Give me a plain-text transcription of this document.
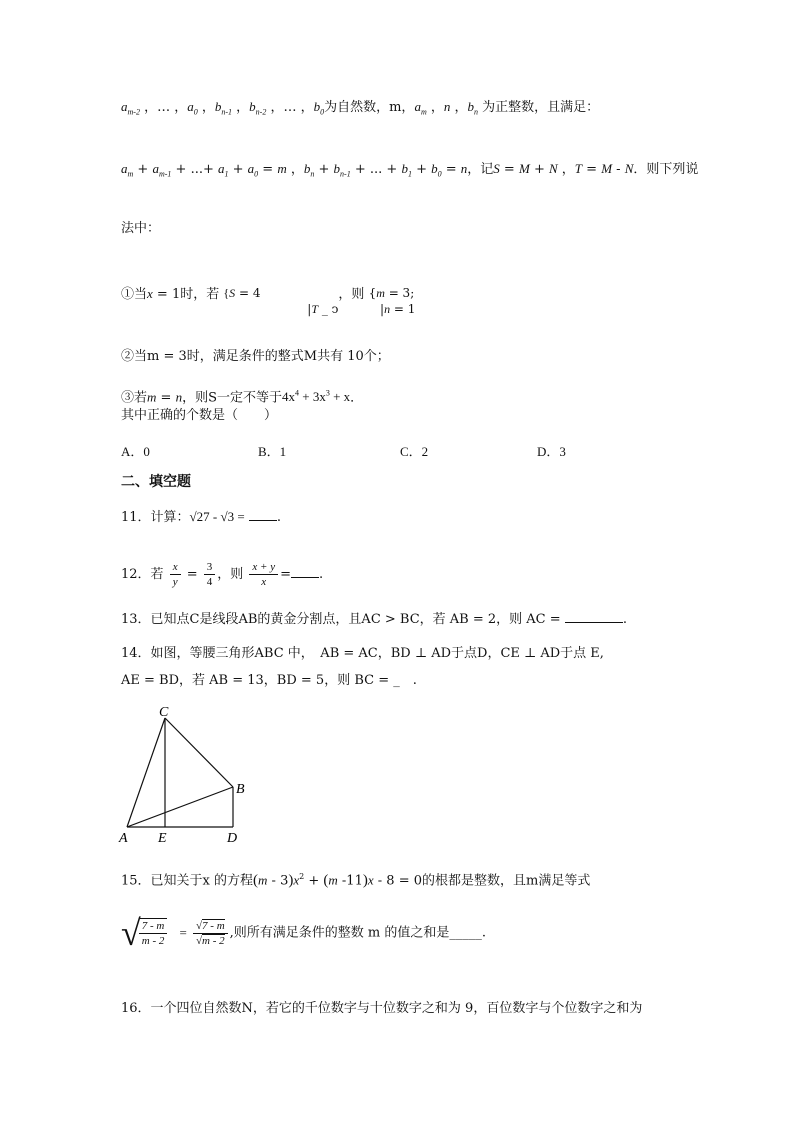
$a_{m-2}$ ，… ，$a_0$ ，$b_{n-1}$ ，$b_{n-2}$ ，… ，$b_0$为自然数，m，$a_m$ ，n ，$b_n$ 为正整数，且满足：
$a_m + a_{m-1}$ + ...+ $a_1 + a_0 = m$ ，$b_n + b_{n-1}$ + ... + $b_1 + b_0 = n$，记S = M + N ，T = M - N．则下列说
法中：
①当x = 1时，若 {S = 4
|T _ ↄ，则 {m = 3;
|n = 1
②当m = 3时，满足条件的整式M共有 10个；
③若m = n，则S一定不等于$4x^4 + 3x^3 + x$．
其中正确的个数是（　　）
A．0	B．1	C．2	D．3
二、填空题
11．计算：√27 - √3 = .
12．若 $\frac{x}{y} = \frac{3}{4}$ ，则 $\frac{x + y}{x}$ = .
13．已知点C是线段AB的黄金分割点，且AC > BC，若 AB = 2，则 AC =	.
14．如图，等腰三角形ABC 中，　AB = AC，BD ⊥ AD于点D，CE ⊥ AD于点 E,
AE = BD，若 AB = 13，BD = 5，则 BC = _　.
C
B
A E	D
15．已知关于x 的方程$(m - 3)x^2 + (m$ -11)x - 8 = 0的根都是整数，且m满足等式
√
$\frac{7 - m}{m - 2} = \frac{√7 - m}{√m - 2}$ ,则所有满足条件的整数 m 的值之和是_____.
16．一个四位自然数N，若它的千位数字与十位数字之和为 9，百位数字与个位数字之和为
